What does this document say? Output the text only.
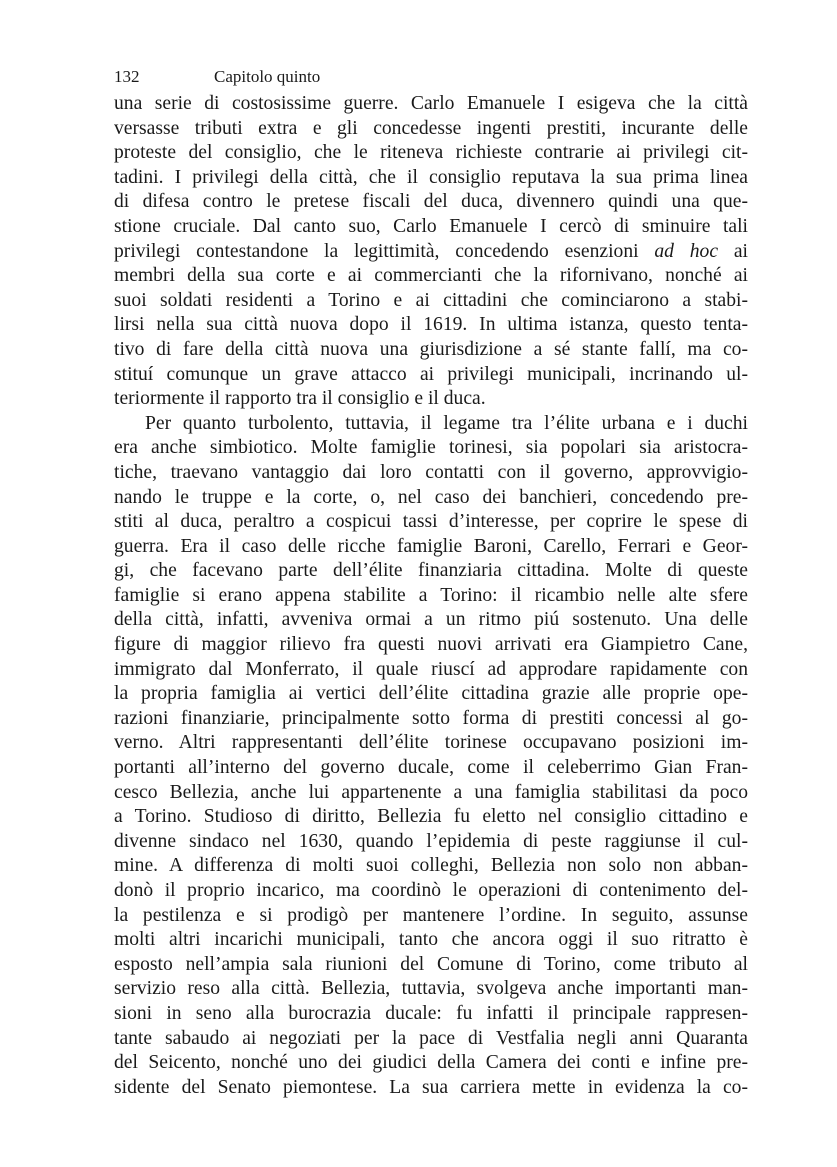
132	Capitolo quinto
una serie di costosissime guerre. Carlo Emanuele I esigeva che la città
versasse tributi extra e gli concedesse ingenti prestiti, incurante delle
proteste del consiglio, che le riteneva richieste contrarie ai privilegi cit-
tadini. I privilegi della città, che il consiglio reputava la sua prima linea
di difesa contro le pretese fiscali del duca, divennero quindi una que-
stione cruciale. Dal canto suo, Carlo Emanuele I cercò di sminuire tali
privilegi contestandone la legittimità, concedendo esenzioni ad hoc ai
membri della sua corte e ai commercianti che la rifornivano, nonché ai
suoi soldati residenti a Torino e ai cittadini che cominciarono a stabi-
lirsi nella sua città nuova dopo il 1619. In ultima istanza, questo tenta-
tivo di fare della città nuova una giurisdizione a sé stante fallí, ma co-
stituí comunque un grave attacco ai privilegi municipali, incrinando ul-
teriormente il rapporto tra il consiglio e il duca.
Per quanto turbolento, tuttavia, il legame tra l’élite urbana e i duchi
era anche simbiotico. Molte famiglie torinesi, sia popolari sia aristocra-
tiche, traevano vantaggio dai loro contatti con il governo, approvvigio-
nando le truppe e la corte, o, nel caso dei banchieri, concedendo pre-
stiti al duca, peraltro a cospicui tassi d’interesse, per coprire le spese di
guerra. Era il caso delle ricche famiglie Baroni, Carello, Ferrari e Geor-
gi, che facevano parte dell’élite finanziaria cittadina. Molte di queste
famiglie si erano appena stabilite a Torino: il ricambio nelle alte sfere
della città, infatti, avveniva ormai a un ritmo piú sostenuto. Una delle
figure di maggior rilievo fra questi nuovi arrivati era Giampietro Cane,
immigrato dal Monferrato, il quale riuscí ad approdare rapidamente con
la propria famiglia ai vertici dell’élite cittadina grazie alle proprie ope-
razioni finanziarie, principalmente sotto forma di prestiti concessi al go-
verno. Altri rappresentanti dell’élite torinese occupavano posizioni im-
portanti all’interno del governo ducale, come il celeberrimo Gian Fran-
cesco Bellezia, anche lui appartenente a una famiglia stabilitasi da poco
a Torino. Studioso di diritto, Bellezia fu eletto nel consiglio cittadino e
divenne sindaco nel 1630, quando l’epidemia di peste raggiunse il cul-
mine. A differenza di molti suoi colleghi, Bellezia non solo non abban-
donò il proprio incarico, ma coordinò le operazioni di contenimento del-
la pestilenza e si prodigò per mantenere l’ordine. In seguito, assunse
molti altri incarichi municipali, tanto che ancora oggi il suo ritratto è
esposto nell’ampia sala riunioni del Comune di Torino, come tributo al
servizio reso alla città. Bellezia, tuttavia, svolgeva anche importanti man-
sioni in seno alla burocrazia ducale: fu infatti il principale rappresen-
tante sabaudo ai negoziati per la pace di Vestfalia negli anni Quaranta
del Seicento, nonché uno dei giudici della Camera dei conti e infine pre-
sidente del Senato piemontese. La sua carriera mette in evidenza la co-
